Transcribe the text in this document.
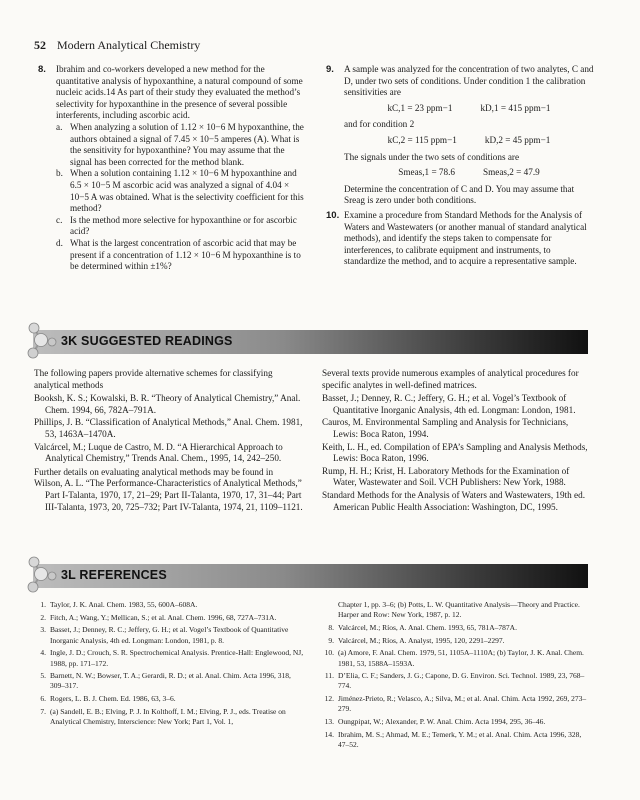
52 Modern Analytical Chemistry
8. Ibrahim and co-workers developed a new method for the quantitative analysis of hypoxanthine, a natural compound of some nucleic acids.14 As part of their study they evaluated the method’s selectivity for hypoxanthine in the presence of several possible interferents, including ascorbic acid.
a. When analyzing a solution of 1.12 × 10−6 M hypoxanthine, the authors obtained a signal of 7.45 × 10−5 amperes (A). What is the sensitivity for hypoxanthine? You may assume that the signal has been corrected for the method blank.
b. When a solution containing 1.12 × 10−6 M hypoxanthine and 6.5 × 10−5 M ascorbic acid was analyzed a signal of 4.04 × 10−5 A was obtained. What is the selectivity coefficient for this method?
c. Is the method more selective for hypoxanthine or for ascorbic acid?
d. What is the largest concentration of ascorbic acid that may be present if a concentration of 1.12 × 10−6 M hypoxanthine is to be determined within ±1%?
9. A sample was analyzed for the concentration of two analytes, C and D, under two sets of conditions. Under condition 1 the calibration sensitivities are
kC,1 = 23 ppm−1	kD,1 = 415 ppm−1
and for condition 2
kC,2 = 115 ppm−1	kD,2 = 45 ppm−1
The signals under the two sets of conditions are
Smeas,1 = 78.6	Smeas,2 = 47.9
Determine the concentration of C and D. You may assume that Sreag is zero under both conditions.
10. Examine a procedure from Standard Methods for the Analysis of Waters and Wastewaters (or another manual of standard analytical methods), and identify the steps taken to compensate for interferences, to calibrate equipment and instruments, to standardize the method, and to acquire a representative sample.
3K SUGGESTED READINGS
The following papers provide alternative schemes for classifying analytical methods
Booksh, K. S.; Kowalski, B. R. “Theory of Analytical Chemistry,” Anal. Chem. 1994, 66, 782A–791A.
Phillips, J. B. “Classification of Analytical Methods,” Anal. Chem. 1981, 53, 1463A–1470A.
Valcárcel, M.; Luque de Castro, M. D. “A Hierarchical Approach to Analytical Chemistry,” Trends Anal. Chem., 1995, 14, 242–250.
Further details on evaluating analytical methods may be found in
Wilson, A. L. “The Performance-Characteristics of Analytical Methods,” Part I-Talanta, 1970, 17, 21–29; Part II-Talanta, 1970, 17, 31–44; Part III-Talanta, 1973, 20, 725–732; Part IV-Talanta, 1974, 21, 1109–1121.
Several texts provide numerous examples of analytical procedures for specific analytes in well-defined matrices.
Basset, J.; Denney, R. C.; Jeffery, G. H.; et al. Vogel’s Textbook of Quantitative Inorganic Analysis, 4th ed. Longman: London, 1981.
Cauros, M. Environmental Sampling and Analysis for Technicians, Lewis: Boca Raton, 1994.
Keith, L. H., ed. Compilation of EPA’s Sampling and Analysis Methods, Lewis: Boca Raton, 1996.
Rump, H. H.; Krist, H. Laboratory Methods for the Examination of Water, Wastewater and Soil. VCH Publishers: New York, 1988.
Standard Methods for the Analysis of Waters and Wastewaters, 19th ed. American Public Health Association: Washington, DC, 1995.
3L REFERENCES
1. Taylor, J. K. Anal. Chem. 1983, 55, 600A–608A.
2. Fitch, A.; Wang, Y.; Mellican, S.; et al. Anal. Chem. 1996, 68, 727A–731A.
3. Basset, J.; Denney, R. C.; Jeffery, G. H.; et al. Vogel’s Textbook of Quantitative Inorganic Analysis, 4th ed. Longman: London, 1981, p. 8.
4. Ingle, J. D.; Crouch, S. R. Spectrochemical Analysis. Prentice-Hall: Englewood, NJ, 1988, pp. 171–172.
5. Barnett, N. W.; Bowser, T. A.; Gerardi, R. D.; et al. Anal. Chim. Acta 1996, 318, 309–317.
6. Rogers, L. B. J. Chem. Ed. 1986, 63, 3–6.
7. (a) Sandell, E. B.; Elving, P. J. In Kolthoff, I. M.; Elving, P. J., eds. Treatise on Analytical Chemistry, Interscience: New York; Part 1, Vol. 1,
Chapter 1, pp. 3–6; (b) Potts, L. W. Quantitative Analysis—Theory and Practice. Harper and Row: New York, 1987, p. 12.
8. Valcárcel, M.; Ríos, A. Anal. Chem. 1993, 65, 781A–787A.
9. Valcárcel, M.; Ríos, A. Analyst, 1995, 120, 2291–2297.
10. (a) Amore, F. Anal. Chem. 1979, 51, 1105A–1110A; (b) Taylor, J. K. Anal. Chem. 1981, 53, 1588A–1593A.
11. D’Elia, C. F.; Sanders, J. G.; Capone, D. G. Environ. Sci. Technol. 1989, 23, 768–774.
12. Jiménez-Prieto, R.; Velasco, A.; Silva, M.; et al. Anal. Chim. Acta 1992, 269, 273–279.
13. Oungpipat, W.; Alexander, P. W. Anal. Chim. Acta 1994, 295, 36–46.
14. Ibrahim, M. S.; Ahmad, M. E.; Temerk, Y. M.; et al. Anal. Chim. Acta 1996, 328, 47–52.
